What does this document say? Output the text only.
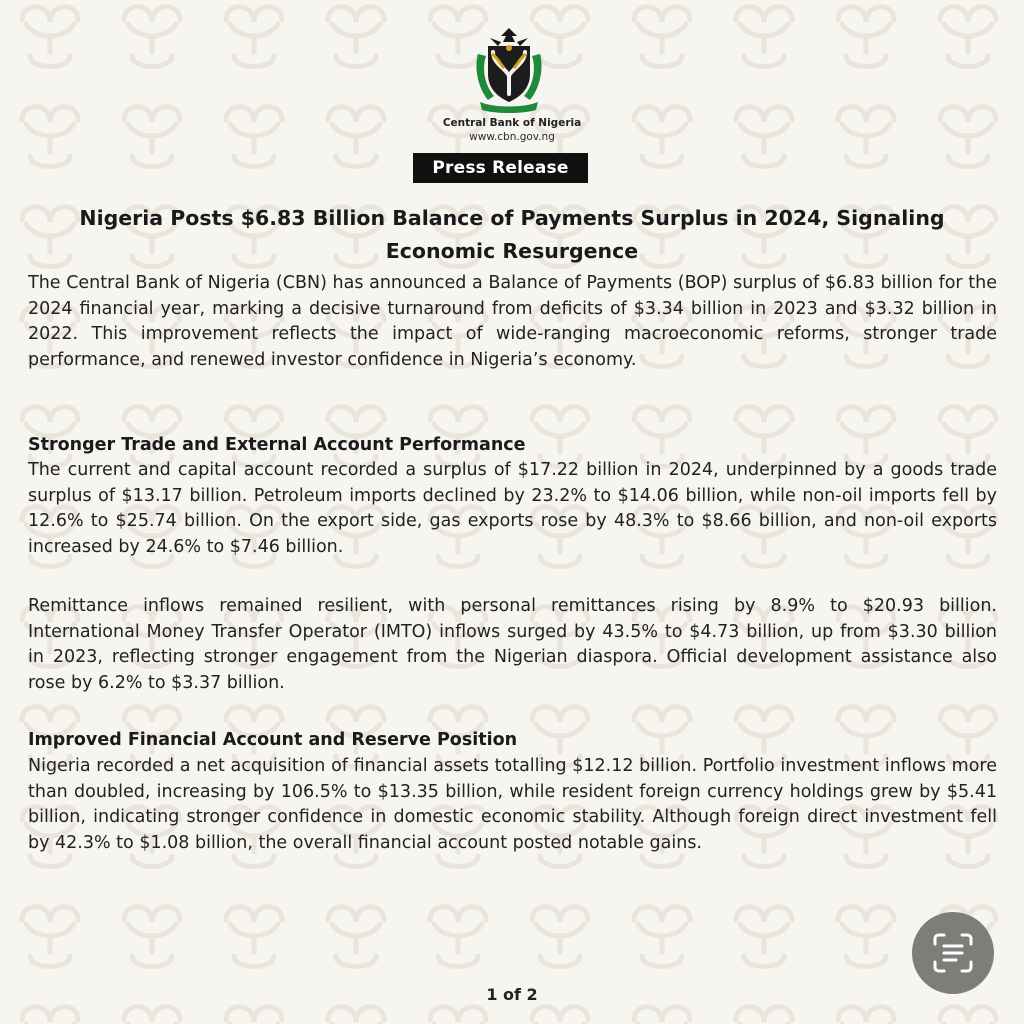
Central Bank of Nigeria
www.cbn.gov.ng
Press Release
Nigeria Posts $6.83 Billion Balance of Payments Surplus in 2024, Signaling
Economic Resurgence

The Central Bank of Nigeria (CBN) has announced a Balance of Payments (BOP) surplus of $6.83 billion for the 2024 financial year, marking a decisive turnaround from deficits of $3.34 billion in 2023 and $3.32 billion in 2022. This improvement reflects the impact of wide-ranging macroeconomic reforms, stronger trade performance, and renewed investor confidence in Nigeria’s economy.

Stronger Trade and External Account Performance

The current and capital account recorded a surplus of $17.22 billion in 2024, underpinned by a goods trade surplus of $13.17 billion. Petroleum imports declined by 23.2% to $14.06 billion, while non-oil imports fell by 12.6% to $25.74 billion. On the export side, gas exports rose by 48.3% to $8.66 billion, and non-oil exports increased by 24.6% to $7.46 billion.

Remittance inflows remained resilient, with personal remittances rising by 8.9% to $20.93 billion. International Money Transfer Operator (IMTO) inflows surged by 43.5% to $4.73 billion, up from $3.30 billion in 2023, reflecting stronger engagement from the Nigerian diaspora. Official development assistance also rose by 6.2% to $3.37 billion.

Improved Financial Account and Reserve Position

Nigeria recorded a net acquisition of financial assets totalling $12.12 billion. Portfolio investment inflows more than doubled, increasing by 106.5% to $13.35 billion, while resident foreign currency holdings grew by $5.41 billion, indicating stronger confidence in domestic economic stability. Although foreign direct investment fell by 42.3% to $1.08 billion, the overall financial account posted notable gains.

1 of 2
